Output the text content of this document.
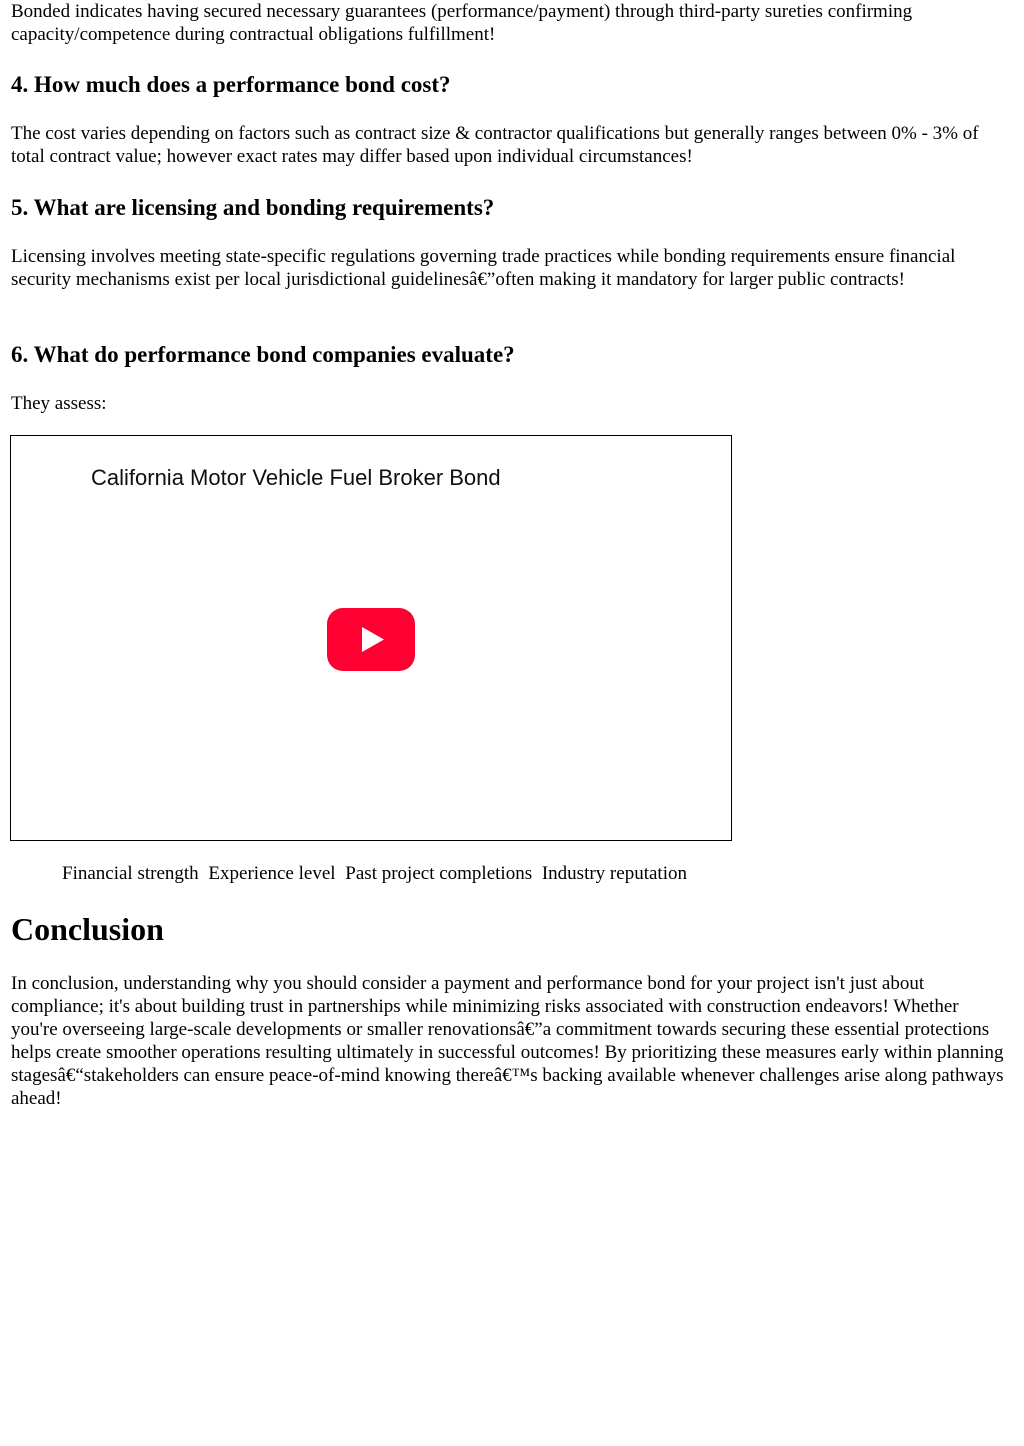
Bonded indicates having secured necessary guarantees (performance/payment) through third-party sureties confirming capacity/competence during contractual obligations fulfillment!

4. How much does a performance bond cost?

The cost varies depending on factors such as contract size & contractor qualifications but generally ranges between 0% - 3% of total contract value; however exact rates may differ based upon individual circumstances!

5. What are licensing and bonding requirements?

Licensing involves meeting state-specific regulations governing trade practices while bonding requirements ensure financial security mechanisms exist per local jurisdictional guidelinesâ€”often making it mandatory for larger public contracts!

6. What do performance bond companies evaluate?

They assess:

California Motor Vehicle Fuel Broker Bond
Financial strength Experience level Past project completions Industry reputation
Conclusion

In conclusion, understanding why you should consider a payment and performance bond for your project isn't just about compliance; it's about building trust in partnerships while minimizing risks associated with construction endeavors! Whether you're overseeing large-scale developments or smaller renovationsâ€”a commitment towards securing these essential protections helps create smoother operations resulting ultimately in successful outcomes! By prioritizing these measures early within planning stagesâ€“stakeholders can ensure peace-of-mind knowing thereâ€™s backing available whenever challenges arise along pathways ahead!
